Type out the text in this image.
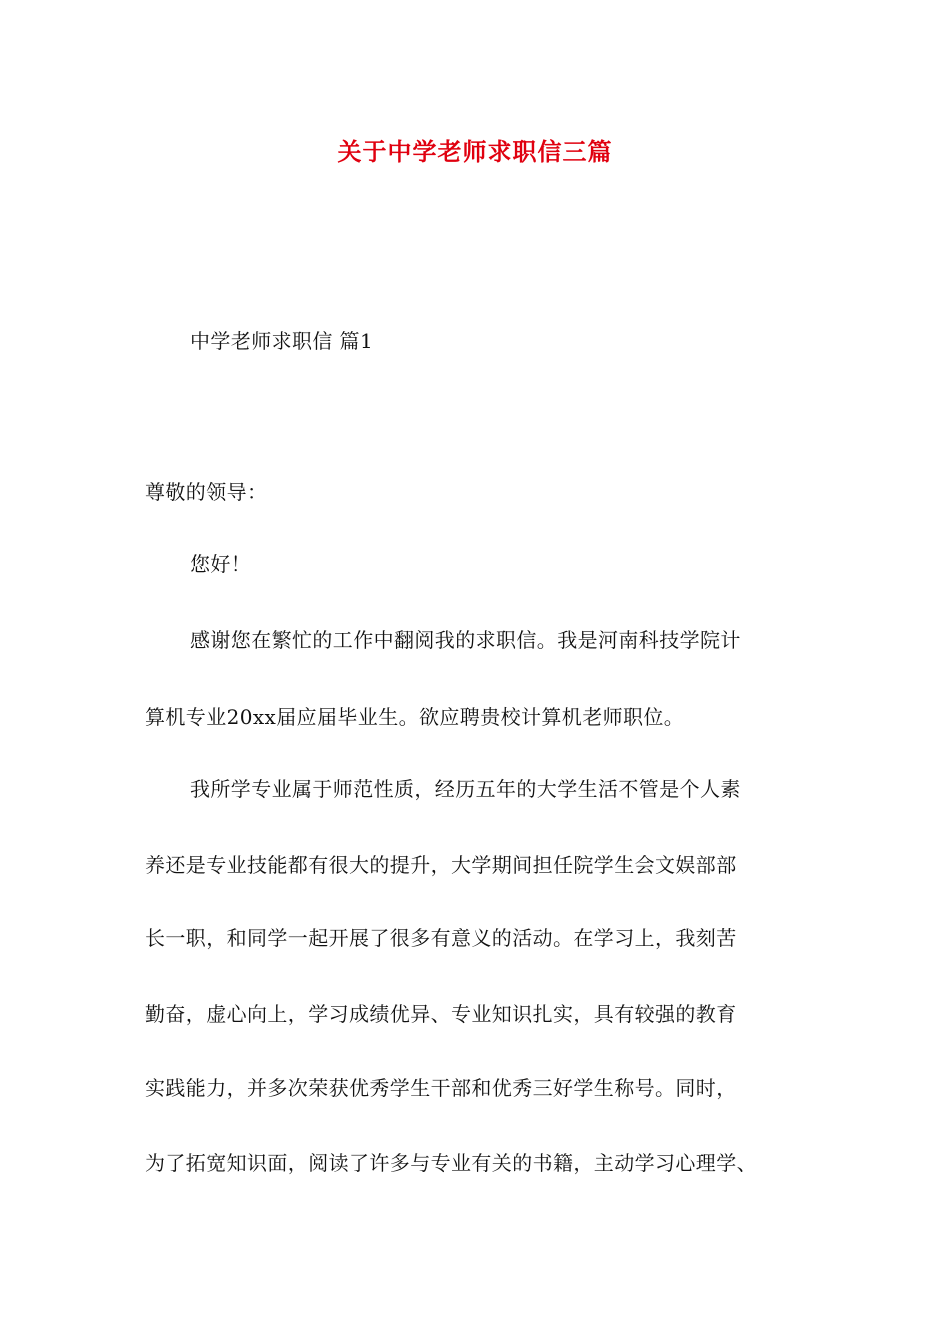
关于中学老师求职信三篇

中学老师求职信 篇1

尊敬的领导：

您好！

感谢您在繁忙的工作中翻阅我的求职信。我是河南科技学院计

算机专业20xx届应届毕业生。欲应聘贵校计算机老师职位。

我所学专业属于师范性质，经历五年的大学生活不管是个人素

养还是专业技能都有很大的提升，大学期间担任院学生会文娱部部

长一职，和同学一起开展了很多有意义的活动。在学习上，我刻苦

勤奋，虚心向上，学习成绩优异、专业知识扎实，具有较强的教育

实践能力，并多次荣获优秀学生干部和优秀三好学生称号。同时，

为了拓宽知识面，阅读了许多与专业有关的书籍，主动学习心理学、
